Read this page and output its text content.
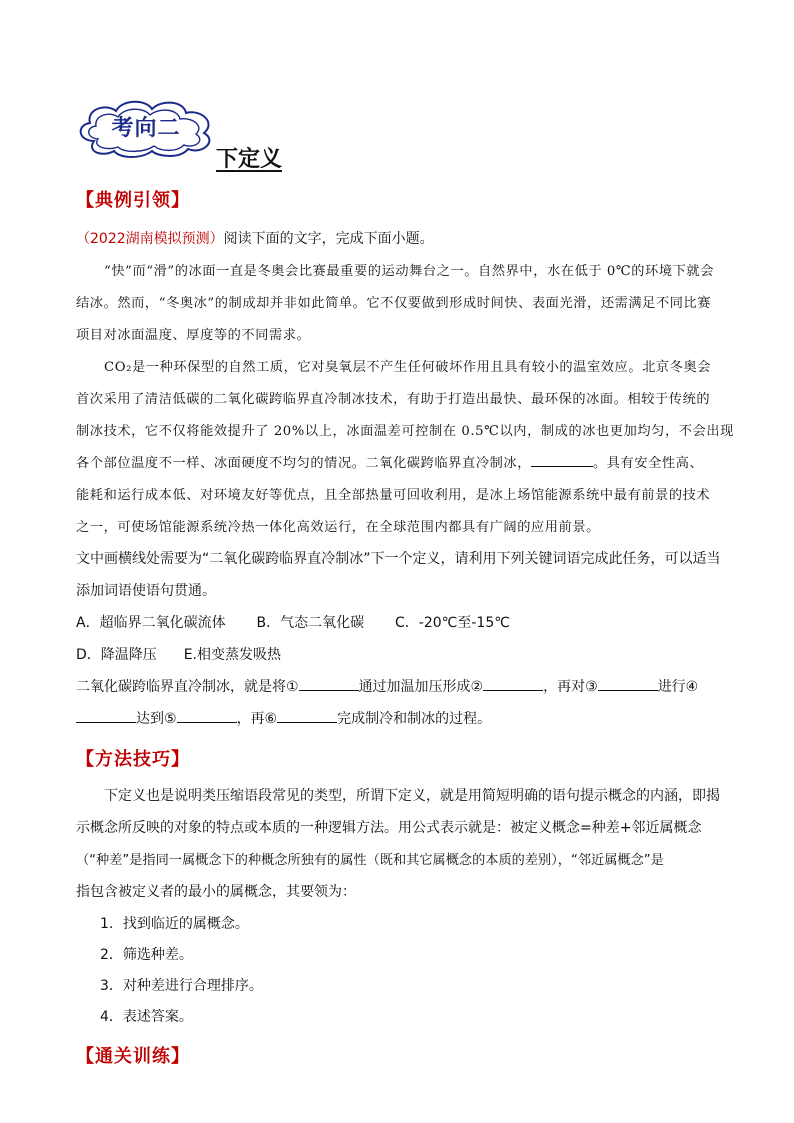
考向二
下定义
【典例引领】
（2022湖南模拟预测）阅读下面的文字，完成下面小题。
“快”而“滑”的冰面一直是冬奥会比赛最重要的运动舞台之一。自然界中，水在低于 0℃的环境下就会
结冰。然而，“冬奥冰”的制成却并非如此简单。它不仅要做到形成时间快、表面光滑，还需满足不同比赛
项目对冰面温度、厚度等的不同需求。
CO₂是一种环保型的自然工质，它对臭氧层不产生任何破坏作用且具有较小的温室效应。北京冬奥会
首次采用了清洁低碳的二氧化碳跨临界直冷制冰技术，有助于打造出最快、最环保的冰面。相较于传统的
制冰技术，它不仅将能效提升了 20%以上，冰面温差可控制在 0.5℃以内，制成的冰也更加均匀，不会出现
各个部位温度不一样、冰面硬度不均匀的情况。二氧化碳跨临界直冷制冰，	。具有安全性高、
能耗和运行成本低、对环境友好等优点，且全部热量可回收利用，是冰上场馆能源系统中最有前景的技术
之一，可使场馆能源系统冷热一体化高效运行，在全球范围内都具有广阔的应用前景。
文中画横线处需要为“二氧化碳跨临界直冷制冰”下一个定义，请利用下列关键词语完成此任务，可以适当
添加词语使语句贯通。
A．超临界二氧化碳流体 B．气态二氧化碳 C．-20℃至-15℃
D．降温降压 E.相变蒸发吸热
二氧化碳跨临界直冷制冰，就是将①	通过加温加压形成②	，再对③	进行④
达到⑤	，再⑥	完成制冷和制冰的过程。
【方法技巧】
下定义也是说明类压缩语段常见的类型，所谓下定义，就是用简短明确的语句提示概念的内涵，即揭
示概念所反映的对象的特点或本质的一种逻辑方法。用公式表示就是：被定义概念=种差+邻近属概念
（“种差”是指同一属概念下的种概念所独有的属性（既和其它属概念的本质的差别），“邻近属概念”是
指包含被定义者的最小的属概念，其要领为：
1．找到临近的属概念。
2．筛选种差。
3．对种差进行合理排序。
4．表述答案。
【通关训练】
